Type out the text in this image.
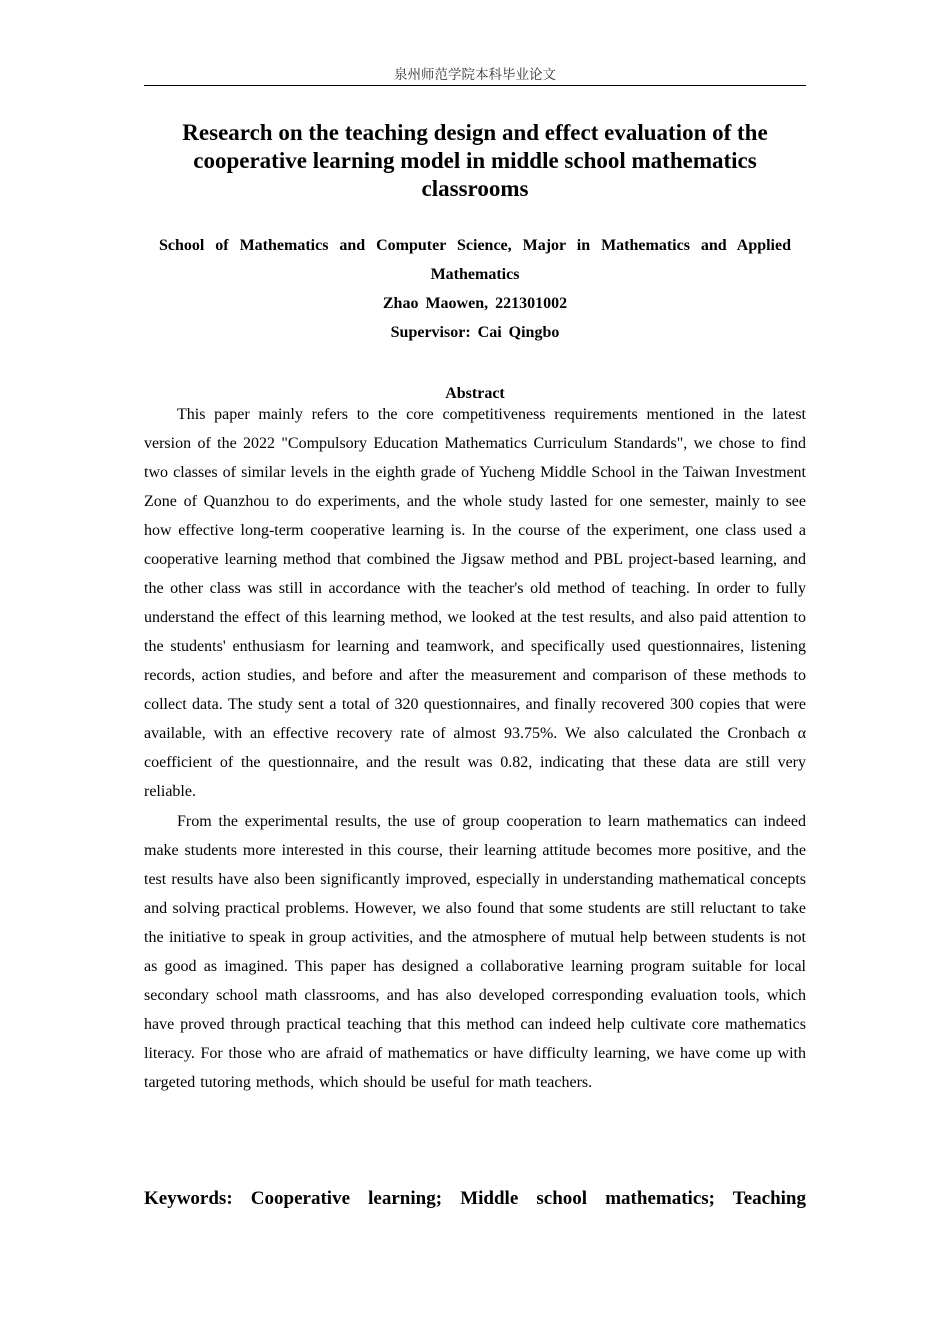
泉州师范学院本科毕业论文
Research on the teaching design and effect evaluation of the cooperative learning model in middle school mathematics classrooms

School of Mathematics and Computer Science, Major in Mathematics and Applied Mathematics

Zhao Maowen, 221301002

Supervisor: Cai Qingbo

Abstract

This paper mainly refers to the core competitiveness requirements mentioned in the latest version of the 2022 "Compulsory Education Mathematics Curriculum Standards", we chose to find two classes of similar levels in the eighth grade of Yucheng Middle School in the Taiwan Investment Zone of Quanzhou to do experiments, and the whole study lasted for one semester, mainly to see how effective long-term cooperative learning is. In the course of the experiment, one class used a cooperative learning method that combined the Jigsaw method and PBL project-based learning, and the other class was still in accordance with the teacher's old method of teaching. In order to fully understand the effect of this learning method, we looked at the test results, and also paid attention to the students' enthusiasm for learning and teamwork, and specifically used questionnaires, listening records, action studies, and before and after the measurement and comparison of these methods to collect data. The study sent a total of 320 questionnaires, and finally recovered 300 copies that were available, with an effective recovery rate of almost 93.75%. We also calculated the Cronbach α coefficient of the questionnaire, and the result was 0.82, indicating that these data are still very reliable.

From the experimental results, the use of group cooperation to learn mathematics can indeed make students more interested in this course, their learning attitude becomes more positive, and the test results have also been significantly improved, especially in understanding mathematical concepts and solving practical problems. However, we also found that some students are still reluctant to take the initiative to speak in group activities, and the atmosphere of mutual help between students is not as good as imagined. This paper has designed a collaborative learning program suitable for local secondary school math classrooms, and has also developed corresponding evaluation tools, which have proved through practical teaching that this method can indeed help cultivate core mathematics literacy. For those who are afraid of mathematics or have difficulty learning, we have come up with targeted tutoring methods, which should be useful for math teachers.

Keywords: Cooperative learning; Middle school mathematics; Teaching
